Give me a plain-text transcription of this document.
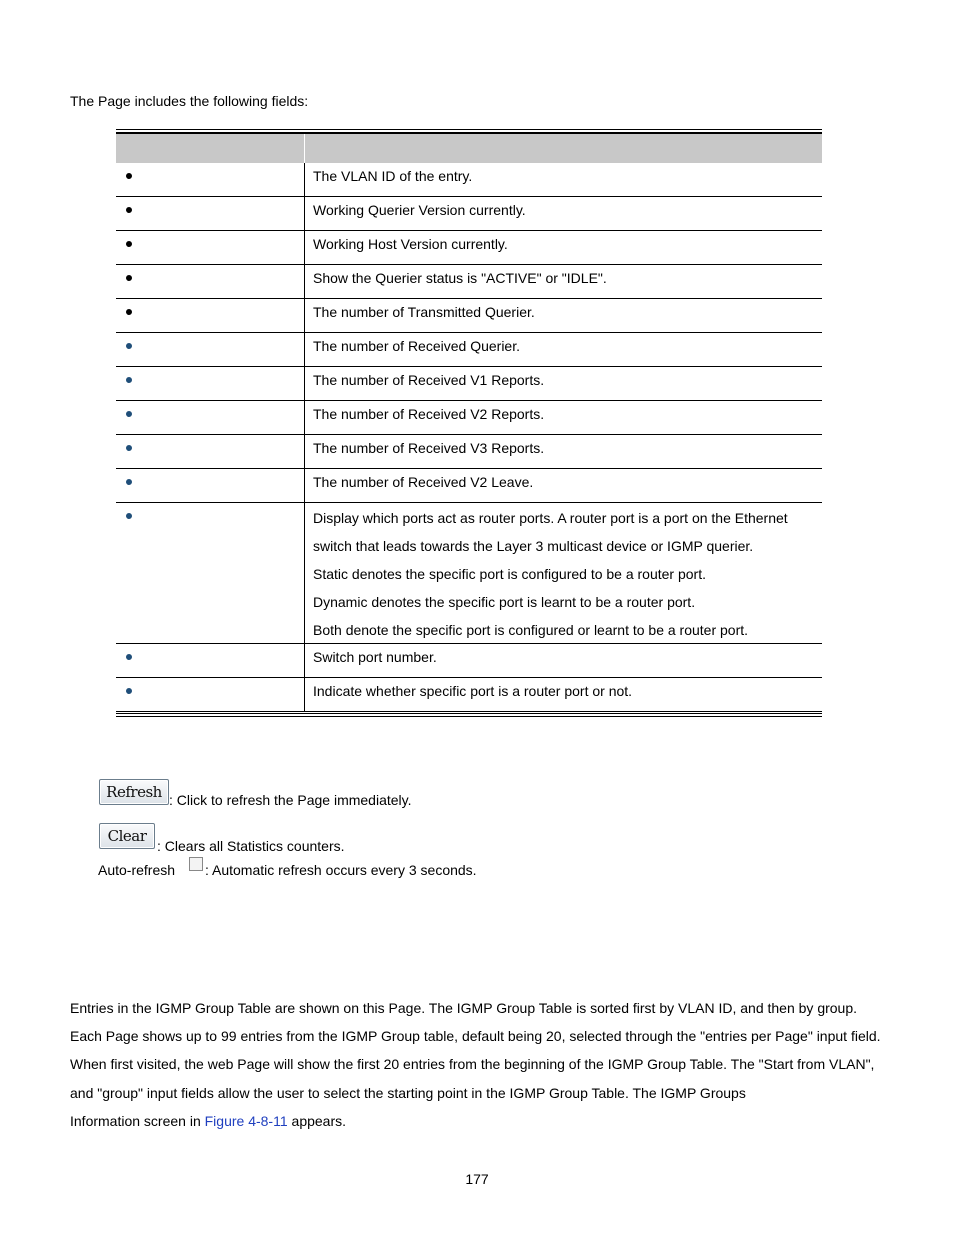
The Page includes the following fields:
The VLAN ID of the entry.
Working Querier Version currently.
Working Host Version currently.
Show the Querier status is "ACTIVE" or "IDLE".
The number of Transmitted Querier.
The number of Received Querier.
The number of Received V1 Reports.
The number of Received V2 Reports.
The number of Received V3 Reports.
The number of Received V2 Leave.
Display which ports act as router ports. A router port is a port on the Ethernet
switch that leads towards the Layer 3 multicast device or IGMP querier.
Static denotes the specific port is configured to be a router port.
Dynamic denotes the specific port is learnt to be a router port.
Both denote the specific port is configured or learnt to be a router port.
Switch port number.
Indicate whether specific port is a router port or not.
Refresh : Click to refresh the Page immediately.
Clear
: Clears all Statistics counters.
Auto-refresh : Automatic refresh occurs every 3 seconds.
Entries in the IGMP Group Table are shown on this Page. The IGMP Group Table is sorted first by VLAN ID, and then by group.
Each Page shows up to 99 entries from the IGMP Group table, default being 20, selected through the "entries per Page" input field.
When first visited, the web Page will show the first 20 entries from the beginning of the IGMP Group Table. The "Start from VLAN",
and "group" input fields allow the user to select the starting point in the IGMP Group Table. The IGMP Groups
Information screen in Figure 4-8-11 appears.
177
